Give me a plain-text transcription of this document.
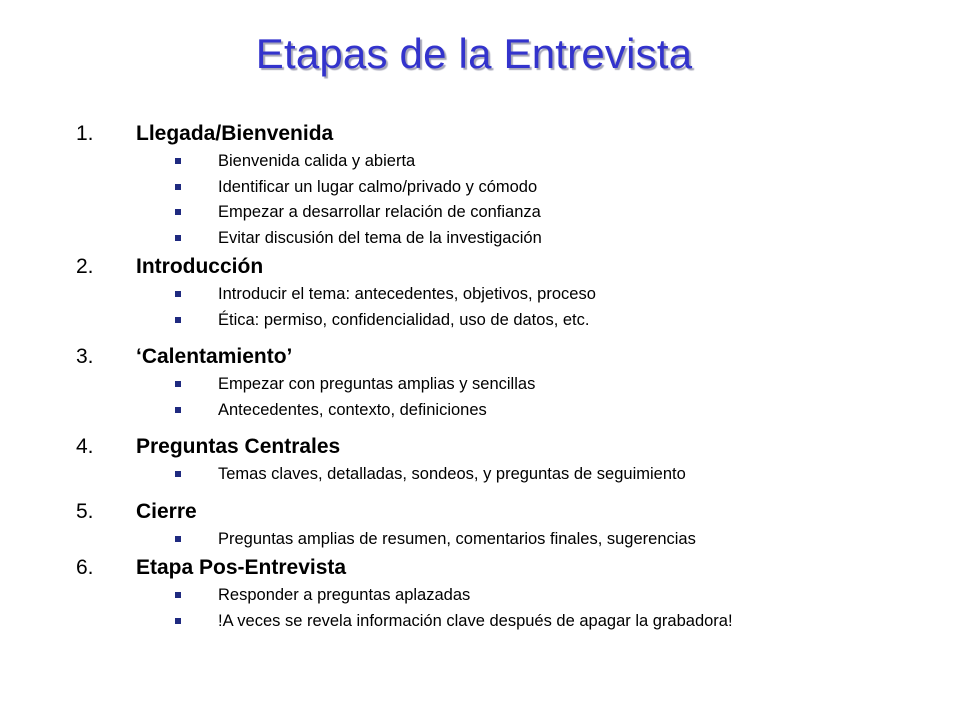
Etapas de la Entrevista
1.	Llegada/Bienvenida
Bienvenida calida y abierta
Identificar un lugar calmo/privado y cómodo
Empezar a desarrollar relación de confianza
Evitar discusión del tema de la investigación
2.	Introducción
Introducir el tema: antecedentes, objetivos, proceso
Ética: permiso, confidencialidad, uso de datos, etc.
3.	‘Calentamiento’
Empezar con preguntas amplias y sencillas
Antecedentes, contexto, definiciones
4.	Preguntas Centrales
Temas claves, detalladas, sondeos, y preguntas de seguimiento
5.	Cierre
Preguntas amplias de resumen, comentarios finales, sugerencias
6.	Etapa Pos-Entrevista
Responder a preguntas aplazadas
!A veces se revela información clave después de apagar la grabadora!
